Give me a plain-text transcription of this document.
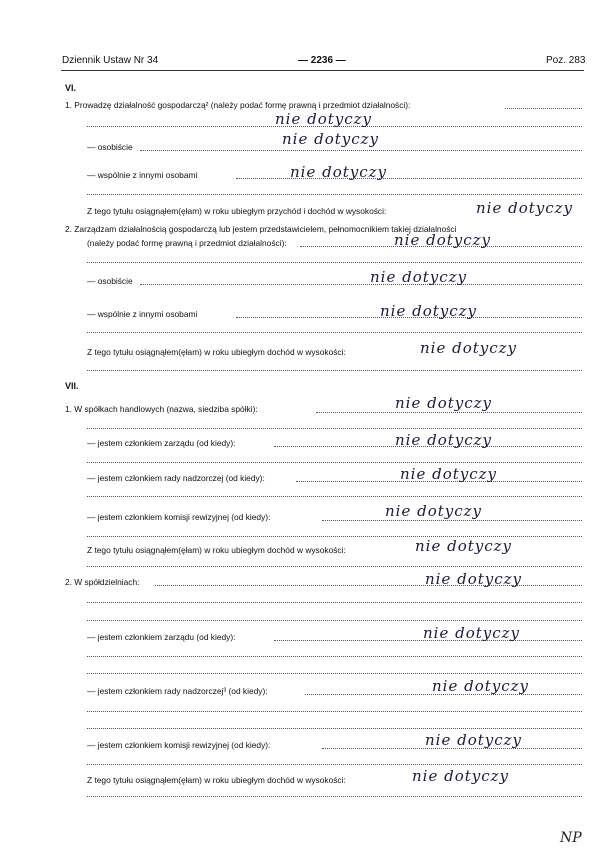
Dziennik Ustaw Nr 34	— 2236 —	Poz. 283
VI.
1. Prowadzę działalność gospodarczą² (należy podać formę prawną i przedmiot działalności):
nie dotyczy
— osobiście	nie dotyczy
— wspólnie z innymi osobami	nie dotyczy
Z tego tytułu osiągnąłem(ęłam) w roku ubiegłym przychód i dochód w wysokości:	nie dotyczy
2. Zarządzam działalnością gospodarczą lub jestem przedstawicielem, pełnomocnikiem takiej działalności
(należy podać formę prawną i przedmiot działalności):	nie dotyczy
— osobiście	nie dotyczy
— wspólnie z innymi osobami	nie dotyczy
Z tego tytułu osiągnąłem(ęłam) w roku ubiegłym dochód w wysokości:	nie dotyczy
VII.
1. W spółkach handlowych (nazwa, siedziba spółki):	nie dotyczy
— jestem członkiem zarządu (od kiedy):	nie dotyczy
— jestem członkiem rady nadzorczej (od kiedy):	nie dotyczy
— jestem członkiem komisji rewizyjnej (od kiedy):	nie dotyczy
Z tego tytułu osiągnąłem(ęłam) w roku ubiegłym dochód w wysokości:	nie dotyczy
2. W spółdzielniach:	nie dotyczy
— jestem członkiem zarządu (od kiedy):	nie dotyczy
— jestem członkiem rady nadzorczej³ (od kiedy):	nie dotyczy
— jestem członkiem komisji rewizyjnej (od kiedy):	nie dotyczy
Z tego tytułu osiągnąłem(ęłam) w roku ubiegłym dochód w wysokości:	nie dotyczy
NP
